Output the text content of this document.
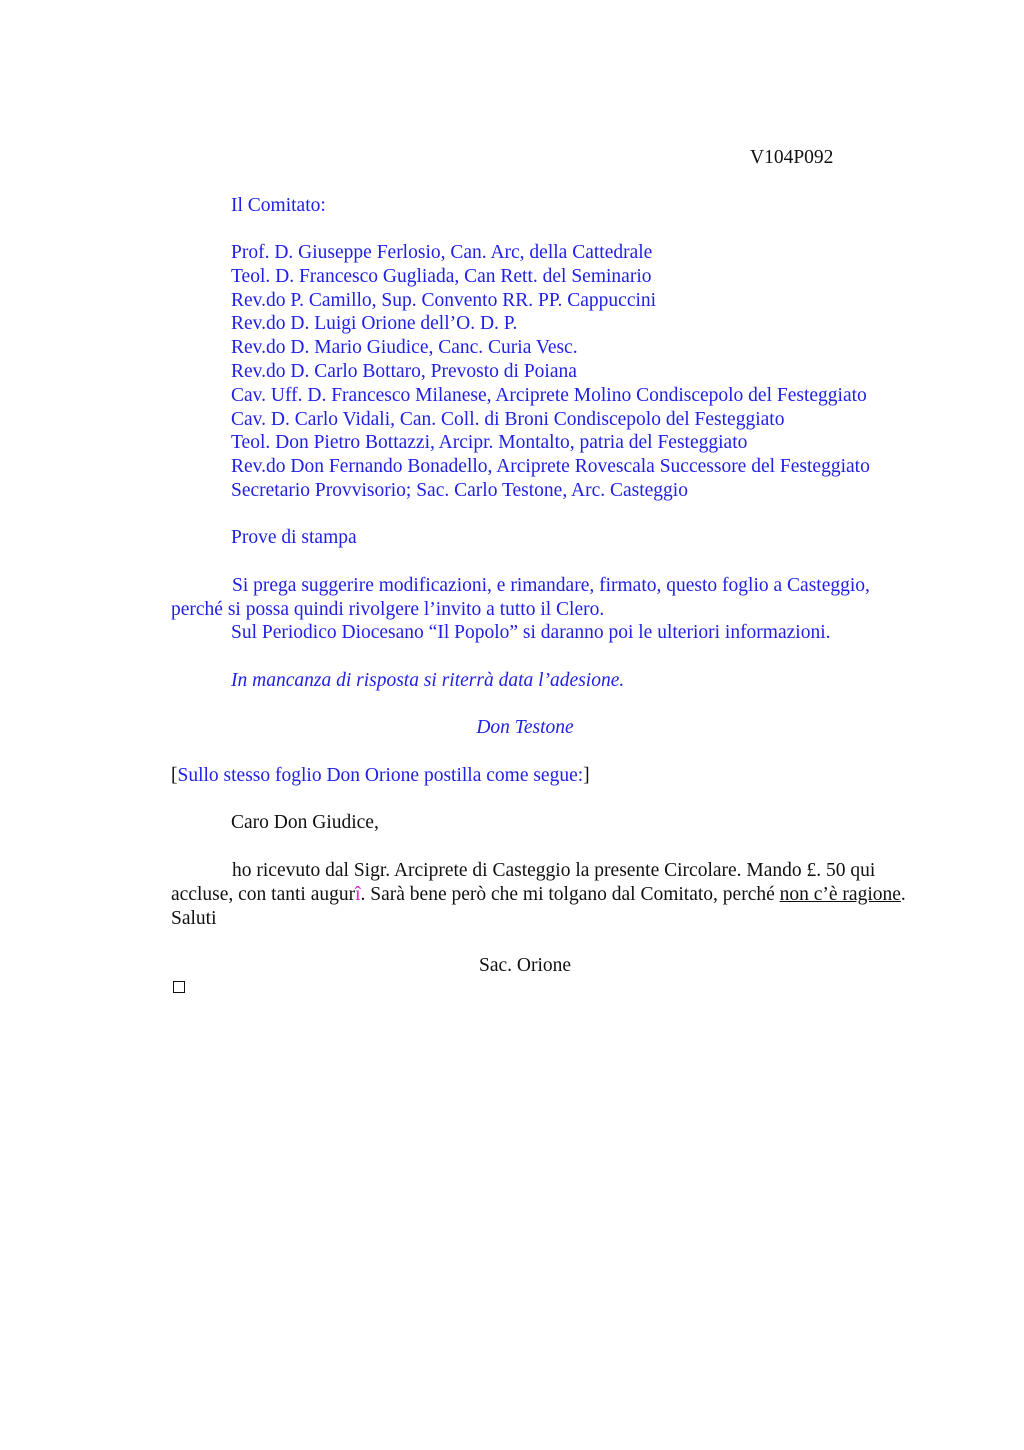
V104P092
Il Comitato:
Prof. D. Giuseppe Ferlosio, Can. Arc, della Cattedrale
Teol. D. Francesco Gugliada, Can Rett. del Seminario
Rev.do P. Camillo, Sup. Convento RR. PP. Cappuccini
Rev.do D. Luigi Orione dell’O. D. P.
Rev.do D. Mario Giudice, Canc. Curia Vesc.
Rev.do D. Carlo Bottaro, Prevosto di Poiana
Cav. Uff. D. Francesco Milanese, Arciprete Molino Condiscepolo del Festeggiato
Cav. D. Carlo Vidali, Can. Coll. di Broni Condiscepolo del Festeggiato
Teol. Don Pietro Bottazzi, Arcipr. Montalto, patria del Festeggiato
Rev.do Don Fernando Bonadello, Arciprete Rovescala Successore del Festeggiato
Secretario Provvisorio; Sac. Carlo Testone, Arc. Casteggio
Prove di stampa
Si prega suggerire modificazioni, e rimandare, firmato, questo foglio a Casteggio, perché si possa quindi rivolgere l’invito a tutto il Clero.
Sul Periodico Diocesano “Il Popolo” si daranno poi le ulteriori informazioni.
In mancanza di risposta si riterrà data l’adesione.
Don Testone
[Sullo stesso foglio Don Orione postilla come segue:]
Caro Don Giudice,
ho ricevuto dal Sigr. Arciprete di Casteggio la presente Circolare. Mando £. 50 qui accluse, con tanti augurî. Sarà bene però che mi tolgano dal Comitato, perché non c’è ragione. Saluti
Sac. Orione
